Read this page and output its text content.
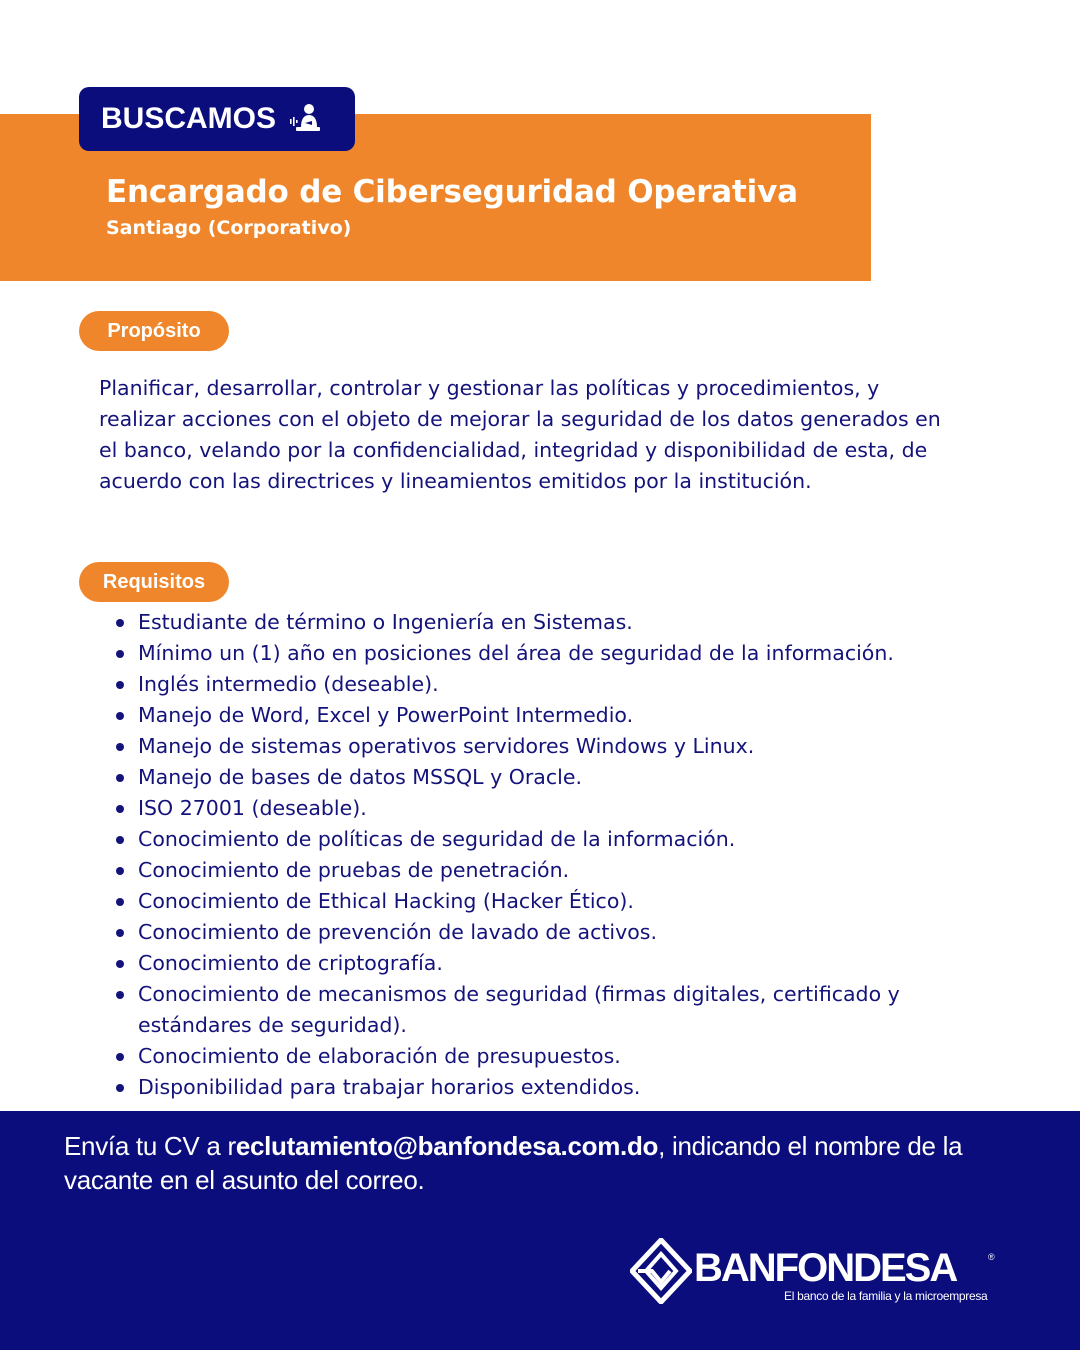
BUSCAMOS
Encargado de Ciberseguridad Operativa
Santiago (Corporativo)
Propósito

Planificar, desarrollar, controlar y gestionar las políticas y procedimientos, y realizar acciones con el objeto de mejorar la seguridad de los datos generados en el banco, velando por la confidencialidad, integridad y disponibilidad de esta, de acuerdo con las directrices y lineamientos emitidos por la institución.

Requisitos
Estudiante de término o Ingeniería en Sistemas.
Mínimo un (1) año en posiciones del área de seguridad de la información.
Inglés intermedio (deseable).
Manejo de Word, Excel y PowerPoint Intermedio.
Manejo de sistemas operativos servidores Windows y Linux.
Manejo de bases de datos MSSQL y Oracle.
ISO 27001 (deseable).
Conocimiento de políticas de seguridad de la información.
Conocimiento de pruebas de penetración.
Conocimiento de Ethical Hacking (Hacker Ético).
Conocimiento de prevención de lavado de activos.
Conocimiento de criptografía.
Conocimiento de mecanismos de seguridad (firmas digitales, certificado y estándares de seguridad).
Conocimiento de elaboración de presupuestos.
Disponibilidad para trabajar horarios extendidos.

Envía tu CV a reclutamiento@banfondesa.com.do, indicando el nombre de la vacante en el asunto del correo.

BANFONDESA	®
El banco de la familia y la microempresa
